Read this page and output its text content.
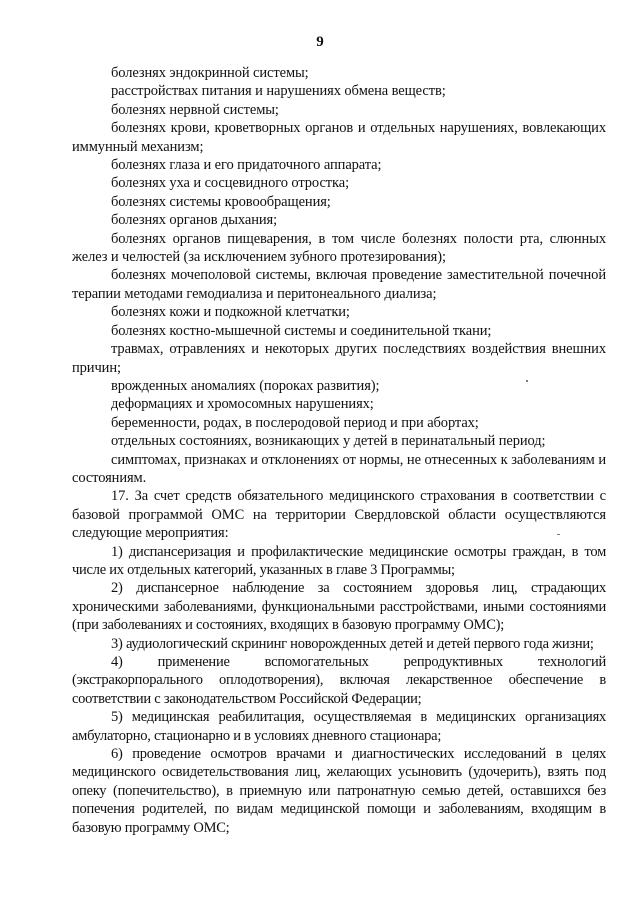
9

болезнях эндокринной системы;

расстройствах питания и нарушениях обмена веществ;

болезнях нервной системы;

болезнях крови, кроветворных органов и отдельных нарушениях, вовлекающих иммунный механизм;

болезнях глаза и его придаточного аппарата;

болезнях уха и сосцевидного отростка;

болезнях системы кровообращения;

болезнях органов дыхания;

болезнях органов пищеварения, в том числе болезнях полости рта, слюнных желез и челюстей (за исключением зубного протезирования);

болезнях мочеполовой системы, включая проведение заместительной почечной терапии методами гемодиализа и перитонеального диализа;

болезнях кожи и подкожной клетчатки;

болезнях костно-мышечной системы и соединительной ткани;

травмах, отравлениях и некоторых других последствиях воздействия внешних причин;

врожденных аномалиях (пороках развития);

деформациях и хромосомных нарушениях;

беременности, родах, в послеродовой период и при абортах;

отдельных состояниях, возникающих у детей в перинатальный период;

симптомах, признаках и отклонениях от нормы, не отнесенных к заболеваниям и состояниям.

17. За счет средств обязательного медицинского страхования в соответствии с базовой программой ОМС на территории Свердловской области осуществляются следующие мероприятия:

1) диспансеризация и профилактические медицинские осмотры граждан, в том числе их отдельных категорий, указанных в главе 3 Программы;

2) диспансерное наблюдение за состоянием здоровья лиц, страдающих хроническими заболеваниями, функциональными расстройствами, иными состояниями (при заболеваниях и состояниях, входящих в базовую программу ОМС);

3) аудиологический скрининг новорожденных детей и детей первого года жизни;

4) применение вспомогательных репродуктивных технологий (экстракорпорального оплодотворения), включая лекарственное обеспечение в соответствии с законодательством Российской Федерации;

5) медицинская реабилитация, осуществляемая в медицинских организациях амбулаторно, стационарно и в условиях дневного стационара;

6) проведение осмотров врачами и диагностических исследований в целях медицинского освидетельствования лиц, желающих усыновить (удочерить), взять под опеку (попечительство), в приемную или патронатную семью детей, оставшихся без попечения родителей, по видам медицинской помощи и заболеваниям, входящим в базовую программу ОМС;
